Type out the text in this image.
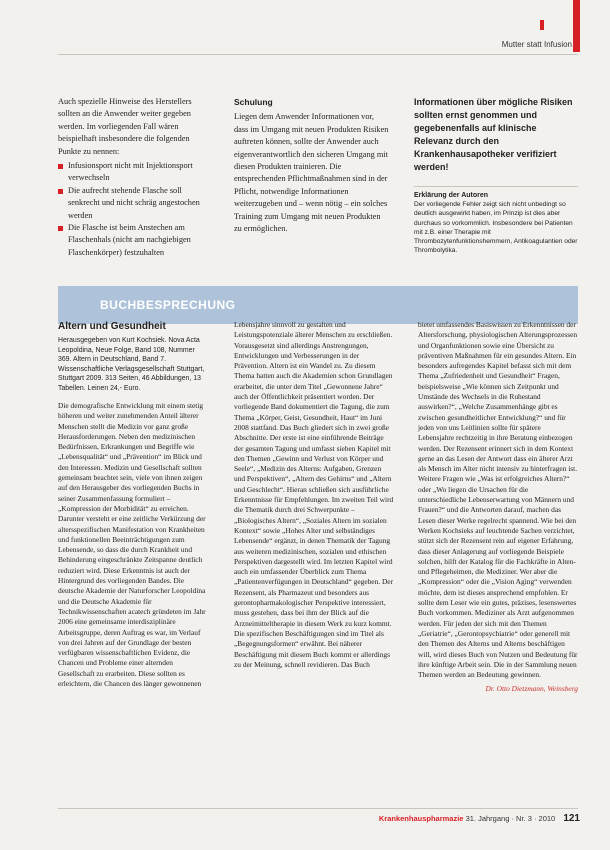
Mutter statt Infusion

Auch spezielle Hinweise des Herstellers sollten an die Anwender weiter gegeben werden. Im vorliegenden Fall wären beispielhaft insbesondere die folgenden Punkte zu nennen:

Infusionsport nicht mit Injektionsport verwechseln
Die aufrecht stehende Flasche soll senkrecht und nicht schräg angestochen werden
Die Flasche ist beim Anstechen am Flaschenhals (nicht am nachgiebigen Flaschenkörper) festzuhalten

Schulung

Liegen dem Anwender Informationen vor, dass im Umgang mit neuen Produkten Risiken auftreten können, sollte der Anwender auch eigenverantwortlich den sicheren Umgang mit diesen Produkten trainieren. Die entsprechenden Pflichtmaßnahmen sind in der Pflicht, notwendige Informationen weiterzugeben und – wenn nötig – ein solches Training zum Umgang mit neuen Produkten zu ermöglichen.

Informationen über mögliche Risiken sollten ernst genommen und gegebenenfalls auf klinische Relevanz durch den Krankenhausapotheker verifiziert werden!

Erklärung der Autoren

Der vorliegende Fehler zeigt sich nicht unbedingt so deutlich ausgewirkt haben, im Prinzip ist dies aber durchaus so vorkommlich. Insbesondere bei Patienten mit z.B. einer Therapie mit Thrombozytenfunktionshemmern, Antikoagulantien oder Thrombolytika.

BUCHBESPRECHUNG

Altern und Gesundheit

Herausgegeben von Kurt Kochsiek. Nova Acta Leopoldina, Neue Folge, Band 108, Nummer 369. Altern in Deutschland, Band 7. Wissenschaftliche Verlagsgesellschaft Stuttgart, Stuttgart 2009. 313 Seiten, 46 Abbildungen, 13 Tabellen. Leinen 24,- Euro.

Die demografische Entwicklung mit einem stetig höheren und weiter zunehmenden Anteil älterer Menschen stellt die Medizin vor ganz große Herausforderungen. Neben den medizinischen Bedürfnissen, Erkrankungen und Begriffe wie „Lebensqualität“ und „Prävention“ im Blick und den Interessen. Medizin und Gesellschaft sollten gemeinsam beachtet sein, viele von ihnen zeigen auf den Herausgeber des vorliegenden Buchs in seiner Zusammenfassung formuliert – „Kompression der Morbidität“ zu erreichen. Darunter versteht er eine zeitliche Verkürzung der altersspezifischen Manifestation von Krankheiten und funktionellen Beeinträchtigungen zum Lebensende, so dass die durch Krankheit und Behinderung eingeschränkte Zeitspanne deutlich reduziert wird. Diese Erkenntnis ist auch der Hintergrund des vorliegenden Bandes. Die deutsche Akademie der Naturforscher Leopoldina und die Deutsche Akademie für Technikwissenschaften acatech gründeten im Jahr 2006 eine gemeinsame interdisziplinäre Arbeitsgruppe, deren Auftrag es war, im Verlauf von drei Jahren auf der Grundlage der besten verfügbaren wissenschaftlichen Evidenz, die Chancen und Probleme einer alternden Gesellschaft zu erarbeiten. Diese sollten es erleichtern, die Chancen des länger gewonnenen

Lebensjahre sinnvoll zu gestalten und Leistungspotenziale älterer Menschen zu erschließen. Vorausgesetzt sind allerdings Anstrengungen, Entwicklungen und Verbesserungen in der Prävention. Altern ist ein Wandel zu. Zu diesem Thema hatten auch die Akademien schon Grundlagen erarbeitet, die unter dem Titel „Gewonnene Jahre“ auch der Öffentlichkeit präsentiert worden. Der vorliegende Band dokumentiert die Tagung, die zum Thema „Körper, Geist, Gesundheit, Haut“ im Juni 2008 stattfand. Das Buch gliedert sich in zwei große Abschnitte. Der erste ist eine einführende Beiträge der gesamten Tagung und umfasst sieben Kapitel mit den Themen „Gewinn und Verlust von Körper und Seele“, „Medizin des Alterns: Aufgaben, Grenzen und Perspektiven“, „Altern des Gehirns“ und „Altern und Geschlecht“. Hieran schließen sich ausführliche Erkenntnisse für Empfehlungen. Im zweiten Teil wird die Thematik durch drei Schwerpunkte – „Biologisches Altern“, „Soziales Altern im sozialen Kontext“ sowie „Hohes Alter und selbständiges Lebensende“ ergänzt, in denen Thematik der Tagung aus weiteren medizinischen, sozialen und ethischen Perspektiven dargestellt wird. Im letzten Kapitel wird auch ein umfassender Überblick zum Thema „Patientenverfügungen in Deutschland“ gegeben. Der Rezensent, als Pharmazeut und besonders aus gerontopharmakologischer Perspektive interessiert, muss gestehen, dass bei ihm der Blick auf die Arzneimitteltherapie in diesem Werk zu kurz kommt. Die spezifischen Beschäftigungen sind im Titel als „Begegnungsformen“ erwähnt. Bei näherer Beschäftigung mit diesem Buch kommt er allerdings zu der Meinung, schnell revidieren. Das Buch

bietet umfassendes Basiswissen zu Erkenntnissen der Altersforschung, physiologischen Alterungsprozessen und Organfunktionen sowie eine Übersicht zu präventiven Maßnahmen für ein gesundes Altern. Ein besonders aufregendes Kapitel befasst sich mit dem Thema „Zufriedenheit und Gesundheit“ Fragen, beispielsweise „Wie können sich Zeitpunkt und Umstände des Wechsels in die Ruhestand auswirken?“, „Welche Zusammenhänge gibt es zwischen gesundheitlicher Entwicklung?“ und für jeden von uns Leitlinien sollte für spätere Lebensjahre rechtzeitig in ihre Beratung einbezogen werden. Der Rezensent erinnert sich in dem Kontext gerne an das Lesen der Antwort dass ein älterer Arzt als Mensch im Alter nicht intensiv zu hinterfragen ist. Weitere Fragen wie „Was ist erfolgreiches Altern?“ oder „Wo liegen die Ursachen für die unterschiedliche Lebenserwartung von Männern und Frauen?“ und die Antworten darauf, machen das Lesen dieser Werke regelrecht spannend. Wie bei den Werken Kochsieks auf leuchtende Sachen verzichtet, stützt sich der Rezensent rein auf eigener Erfahrung, dass dieser Anlagerung auf vorliegende Beispiele solchen, hilft der Katalog für die Fachkräfte in Alten- und Pflegeheimen, die Mediziner. Wer aber die „Kompression“ oder die „Vision Aging“ verwenden möchte, dem ist dieses ansprechend empfohlen. Er sollte dem Leser wie ein gutes, präzises, lesenswertes Buch vorkommen. Mediziner als Arzt aufgenommen werden. Für jeden der sich mit den Themen „Geriatrie“, „Gerontopsychiatrie“ oder generell mit den Themen des Alterns und Alterns beschäftigen will, wird dieses Buch von Nutzen und Bedeutung für ihre künftige Arbeit sein. Die in der Sammlung neuen Themen werden an Bedeutung gewinnen.

Dr. Otto Dietzmann, Weinsberg

Krankenhauspharmazie 31. Jahrgang · Nr. 3 · 2010 121
